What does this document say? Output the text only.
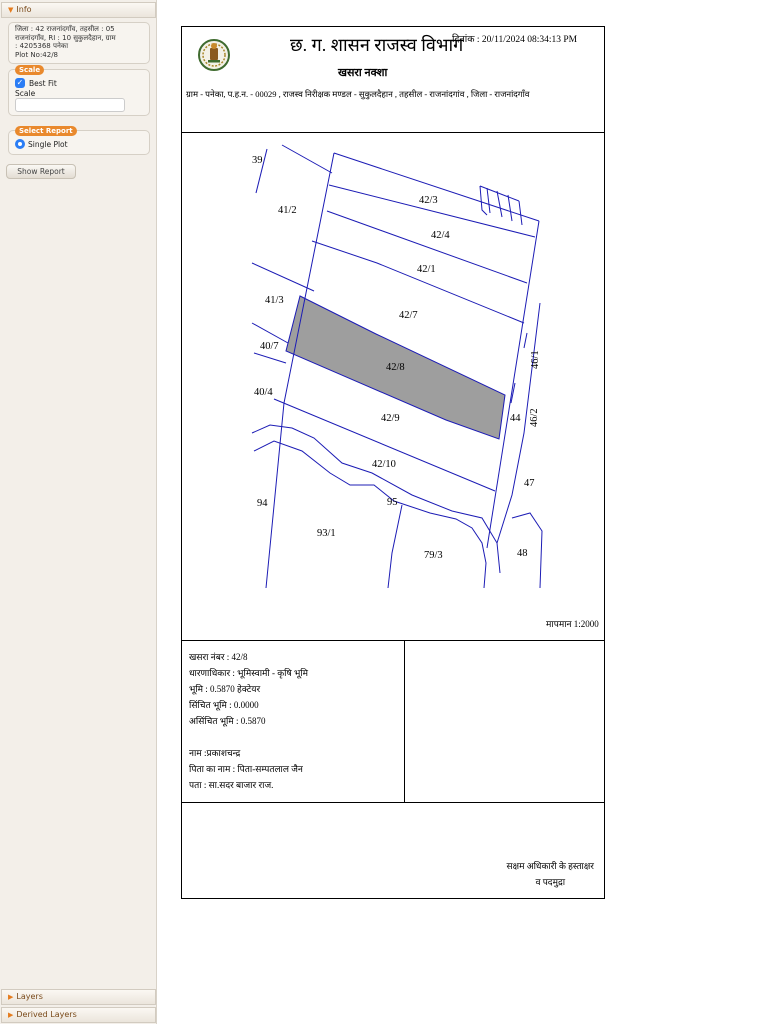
▼ Info
जिला : 42 राजनांदगाँव, तहसील : 05
राजनांदगाँव, RI : 10 सुकुलदैहान, ग्राम
: 4205368 पनेका
Plot No:42/8
Scale
✓ Best Fit
Scale
Select Report
Single Plot
Show Report
▶ Layers
▶ Derived Layers
छ. ग. शासन राजस्व विभाग
दिनांक : 20/11/2024 08:34:13 PM
खसरा नक्शा
ग्राम - पनेका, प.ह.न. - 00029 , राजस्व निरीक्षक मण्डल - सुकुलदैहान , तहसील - राजनांदगांव , जिला - राजनांदगाँव
39
41/2
42/3
42/4
42/1
41/3
42/7
40/7
42/8	46/1
40/4
42/9	44 46/2
42/10
47
94	95
93/1
79/3	48
मापमान 1:2000
खसरा नंबर : 42/8
धारणाधिकार : भूमिस्वामी - कृषि भूमि
भूमि : 0.5870 हेक्टेयर
सिंचित भूमि : 0.0000
असिंचित भूमि : 0.5870
नाम :प्रकाशचन्द्र
पिता का नाम : पिता-सम्पतलाल जैन
पता : सा.सदर बाजार राज.
सक्षम अधिकारी के हस्ताक्षर
व पदमुद्रा
